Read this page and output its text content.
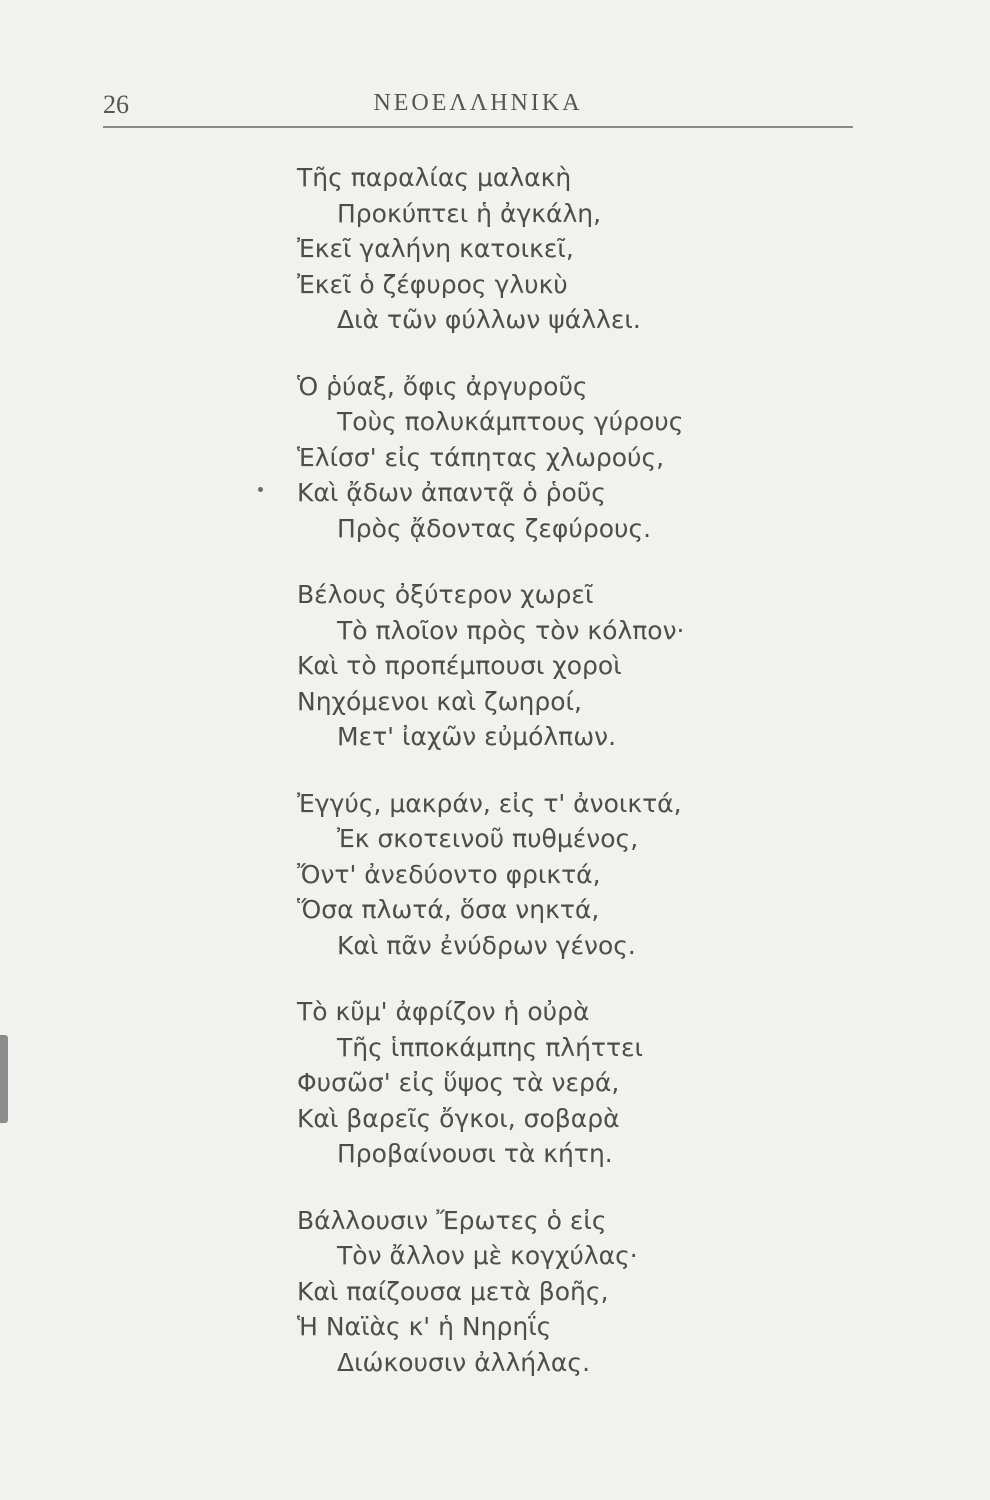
26	ΝΕΟΕΛΛΗΝΙΚΑ
Τῆς παραλίας μαλακὴ
Προκύπτει ἡ ἀγκάλη,
Ἐκεῖ γαλήνη κατοικεῖ,
Ἐκεῖ ὁ ζέφυρος γλυκὺ
Διὰ τῶν φύλλων ψάλλει.
Ὁ ῥύαξ, ὄφις ἀργυροῦς
Τοὺς πολυκάμπτους γύρους
Ἑλίσσ' εἰς τάπητας χλωρούς,
Καὶ ᾄδων ἀπαντᾷ ὁ ῥοῦς
Πρὸς ᾄδοντας ζεφύρους.
Βέλους ὀξύτερον χωρεῖ
Τὸ πλοῖον πρὸς τὸν κόλπον·
Καὶ τὸ προπέμπουσι χοροὶ
Νηχόμενοι καὶ ζωηροί,
Μετ' ἰαχῶν εὐμόλπων.
Ἐγγύς, μακράν, εἰς τ' ἀνοικτά,
Ἐκ σκοτεινοῦ πυθμένος,
Ὄντ' ἀνεδύοντο φρικτά,
Ὅσα πλωτά, ὅσα νηκτά,
Καὶ πᾶν ἐνύδρων γένος.
Τὸ κῦμ' ἀφρίζον ἡ οὐρὰ
Τῆς ἱπποκάμπης πλήττει
Φυσῶσ' εἰς ὕψος τὰ νερά,
Καὶ βαρεῖς ὄγκοι, σοβαρὰ
Προβαίνουσι τὰ κήτη.
Βάλλουσιν Ἔρωτες ὁ εἰς
Τὸν ἄλλον μὲ κογχύλας·
Καὶ παίζουσα μετὰ βοῆς,
Ἡ Ναϊὰς κ' ἡ Νηρηΐς
Διώκουσιν ἀλλήλας.
